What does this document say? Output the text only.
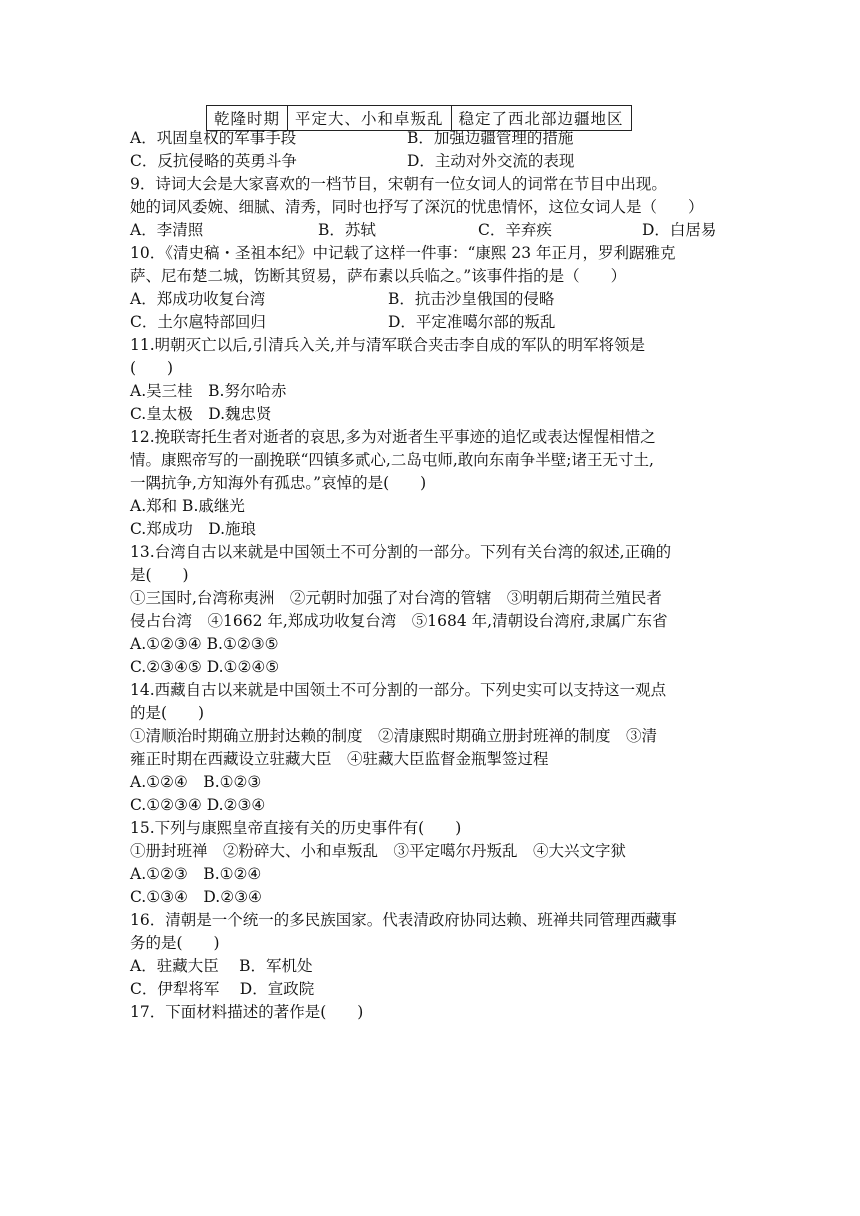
乾隆时期	平定大、小和卓叛乱	稳定了西北部边疆地区
A．巩固皇权的军事手段	B．加强边疆管理的措施
C．反抗侵略的英勇斗争	D．主动对外交流的表现
9．诗词大会是大家喜欢的一档节目，宋朝有一位女词人的词常在节目中出现。
她的词风委婉、细腻、清秀，同时也抒写了深沉的忧患情怀，这位女词人是（　　）
A．李清照	B．苏轼	C．辛弃疾	D．白居易
10．《清史稿・圣祖本纪》中记载了这样一件事：“康熙 23 年正月，罗利踞雅克
萨、尼布楚二城，饬断其贸易，萨布素以兵临之。”该事件指的是（　　）
A．郑成功收复台湾	B．抗击沙皇俄国的侵略
C．土尔扈特部回归	D．平定准噶尔部的叛乱
11.明朝灭亡以后,引清兵入关,并与清军联合夹击李自成的军队的明军将领是
(　　)
A.吴三桂　B.努尔哈赤
C.皇太极　D.魏忠贤
12.挽联寄托生者对逝者的哀思,多为对逝者生平事迹的追忆或表达惺惺相惜之
情。康熙帝写的一副挽联“四镇多贰心,二岛屯师,敢向东南争半壁;诸王无寸土,
一隅抗争,方知海外有孤忠。”哀悼的是(　　)
A.郑和 B.戚继光
C.郑成功　D.施琅
13.台湾自古以来就是中国领土不可分割的一部分。下列有关台湾的叙述,正确的
是(　　)
①三国时,台湾称夷洲　②元朝时加强了对台湾的管辖　③明朝后期荷兰殖民者
侵占台湾　④1662 年,郑成功收复台湾　⑤1684 年,清朝设台湾府,隶属广东省
A.①②③④ B.①②③⑤
C.②③④⑤ D.①②④⑤
14.西藏自古以来就是中国领土不可分割的一部分。下列史实可以支持这一观点
的是(　　)
①清顺治时期确立册封达赖的制度　②清康熙时期确立册封班禅的制度　③清
雍正时期在西藏设立驻藏大臣　④驻藏大臣监督金瓶掣签过程
A.①②④　B.①②③
C.①②③④ D.②③④
15.下列与康熙皇帝直接有关的历史事件有(　　)
①册封班禅　②粉碎大、小和卓叛乱　③平定噶尔丹叛乱　④大兴文字狱
A.①②③　B.①②④
C.①③④　D.②③④
16．清朝是一个统一的多民族国家。代表清政府协同达赖、班禅共同管理西藏事
务的是(　　)
A．驻藏大臣　 B．军机处
C．伊犁将军　 D．宣政院
17．下面材料描述的著作是(　　)
